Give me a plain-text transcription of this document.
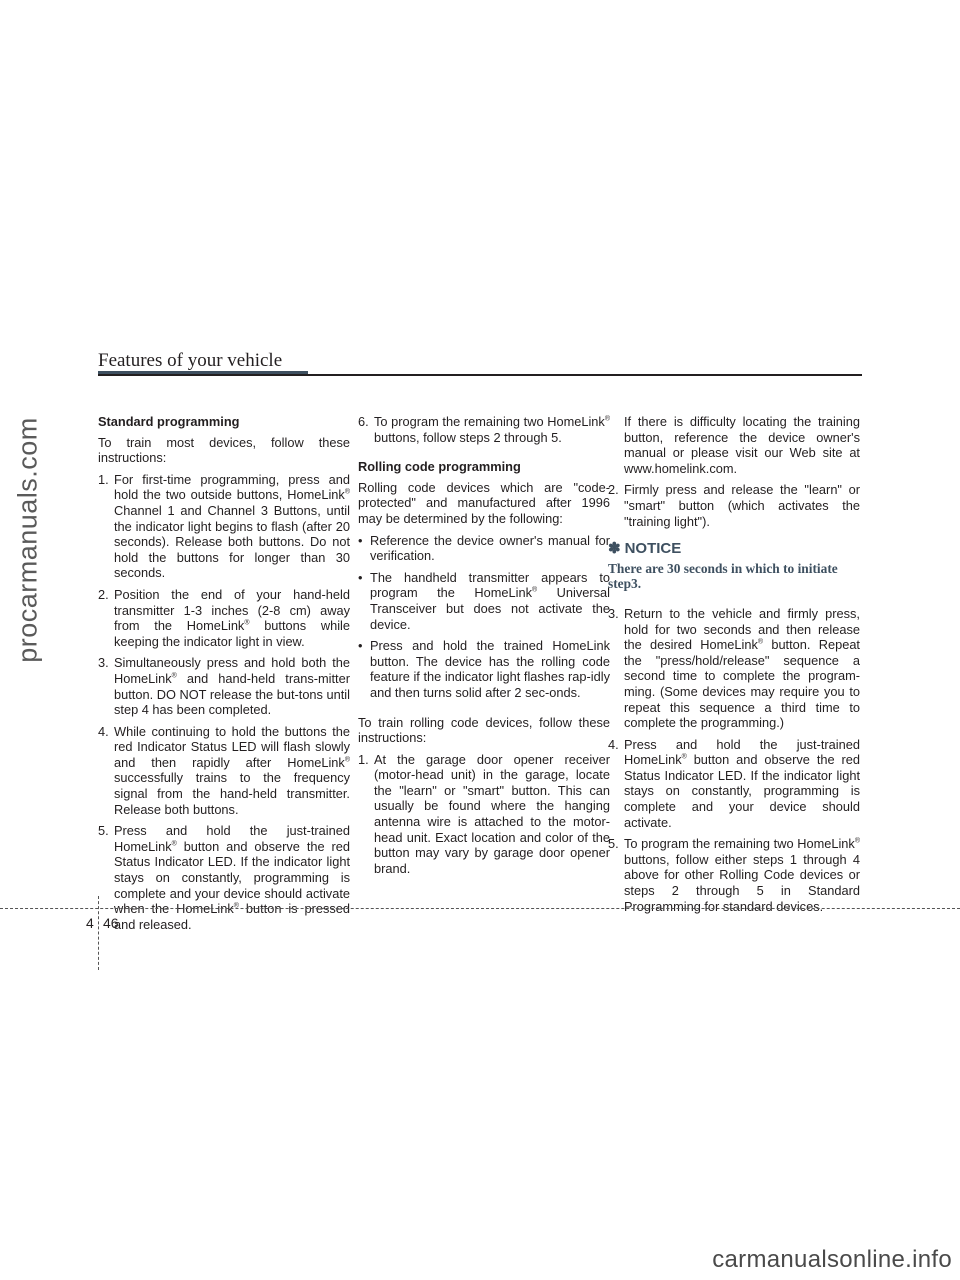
procarmanuals.com
Features of your vehicle
Standard programming

To train most devices, follow these instructions:

1. For first-time programming, press and hold the two outside buttons, HomeLink® Channel 1 and Channel 3 Buttons, until the indicator light begins to flash (after 20 seconds). Release both buttons. Do not hold the buttons for longer than 30 seconds.
2. Position the end of your hand-held transmitter 1-3 inches (2-8 cm) away from the HomeLink® buttons while keeping the indicator light in view.
3. Simultaneously press and hold both the HomeLink® and hand-held trans-mitter button. DO NOT release the but-tons until step 4 has been completed.
4. While continuing to hold the buttons the red Indicator Status LED will flash slowly and then rapidly after HomeLink® successfully trains to the frequency signal from the hand-held transmitter. Release both buttons.
5. Press and hold the just-trained HomeLink® button and observe the red Status Indicator LED. If the indicator light stays on constantly, programming is complete and your device should activate when the HomeLink® button is pressed and released.
6. To program the remaining two HomeLink® buttons, follow steps 2 through 5.
Rolling code programming

Rolling code devices which are "code-protected" and manufactured after 1996 may be determined by the following:

• Reference the device owner's manual for verification.
• The handheld transmitter appears to program the HomeLink® Universal Transceiver but does not activate the device.
• Press and hold the trained HomeLink button. The device has the rolling code feature if the indicator light flashes rap-idly and then turns solid after 2 sec-onds.

To train rolling code devices, follow these instructions:

1. At the garage door opener receiver (motor-head unit) in the garage, locate the "learn" or "smart" button. This can usually be found where the hanging antenna wire is attached to the motor-head unit. Exact location and color of the button may vary by garage door opener brand.

If there is difficulty locating the training button, reference the device owner's manual or please visit our Web site at www.homelink.com.

2. Firmly press and release the "learn" or "smart" button (which activates the "training light").
✽ NOTICE
There are 30 seconds in which to initiate step3.
3. Return to the vehicle and firmly press, hold for two seconds and then release the desired HomeLink® button. Repeat the "press/hold/release" sequence a second time to complete the program-ming. (Some devices may require you to repeat this sequence a third time to complete the programming.)
4. Press and hold the just-trained HomeLink® button and observe the red Status Indicator LED. If the indicator light stays on constantly, programming is complete and your device should activate.
5. To program the remaining two HomeLink® buttons, follow either steps 1 through 4 above for other Rolling Code devices or steps 2 through 5 in Standard Programming for standard devices.
4 46
carmanualsonline.info
